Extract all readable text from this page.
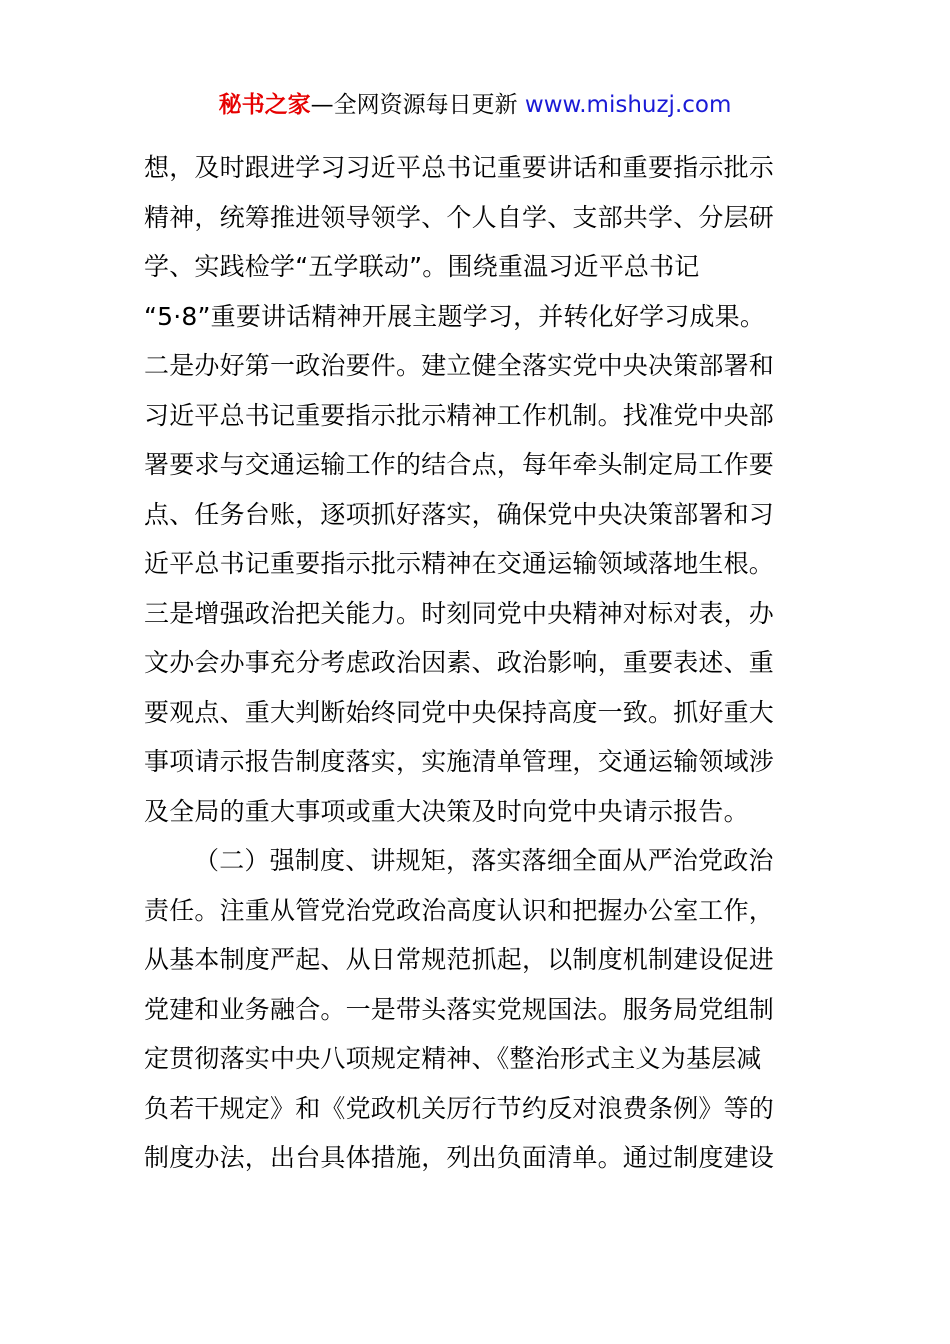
秘书之家—全网资源每日更新 www.mishuzj.com
想，及时跟进学习习近平总书记重要讲话和重要指示批示
精神，统筹推进领导领学、个人自学、支部共学、分层研
学、实践检学“五学联动”。围绕重温习近平总书记
“5·8”重要讲话精神开展主题学习，并转化好学习成果。
二是办好第一政治要件。建立健全落实党中央决策部署和
习近平总书记重要指示批示精神工作机制。找准党中央部
署要求与交通运输工作的结合点，每年牵头制定局工作要
点、任务台账，逐项抓好落实，确保党中央决策部署和习
近平总书记重要指示批示精神在交通运输领域落地生根。
三是增强政治把关能力。时刻同党中央精神对标对表，办
文办会办事充分考虑政治因素、政治影响，重要表述、重
要观点、重大判断始终同党中央保持高度一致。抓好重大
事项请示报告制度落实，实施清单管理，交通运输领域涉
及全局的重大事项或重大决策及时向党中央请示报告。
（二）强制度、讲规矩，落实落细全面从严治党政治
责任。注重从管党治党政治高度认识和把握办公室工作，
从基本制度严起、从日常规范抓起，以制度机制建设促进
党建和业务融合。一是带头落实党规国法。服务局党组制
定贯彻落实中央八项规定精神、《整治形式主义为基层减
负若干规定》和《党政机关厉行节约反对浪费条例》等的
制度办法，出台具体措施，列出负面清单。通过制度建设
